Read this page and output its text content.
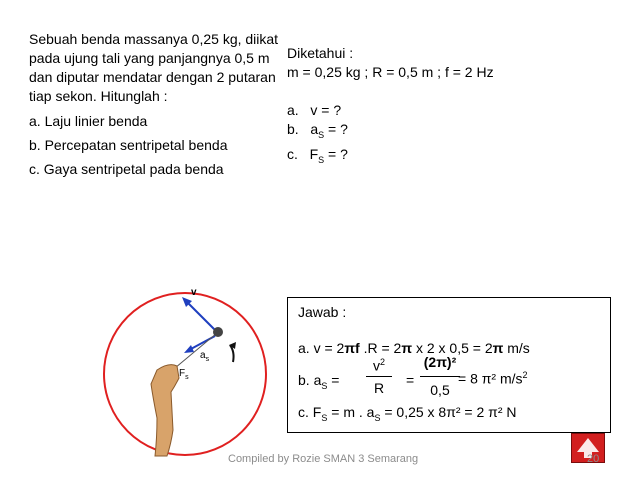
Sebuah benda massanya 0,25 kg, diikat pada ujung tali yang panjangnya 0,5 m dan diputar mendatar dengan 2 putaran tiap sekon. Hitunglah :

a. Laju linier benda
b. Percepatan sentripetal benda
c. Gaya sentripetal pada benda
Penyelesaian :
Diketahui :
m = 0,25 kg ; R = 0,5 m ; f = 2 Hz
Ditanyakan :
a. v = ?
b. $a_S$ = ?
c. $F_S$ = ?
v
$a_s$
$F_s$
Jawab :
a. v = 2πf .R = 2π x 2 x 0,5 = 2π m/s
b. $a_S$ =
$v^2$
R	=
(2π)²
0,5
= 8 π² $m/s^2$
c. $F_S = m$ . $a_S = 0,25$ x 8π² = 2 π² N
Compiled by Rozie SMAN 3 Semarang	20
